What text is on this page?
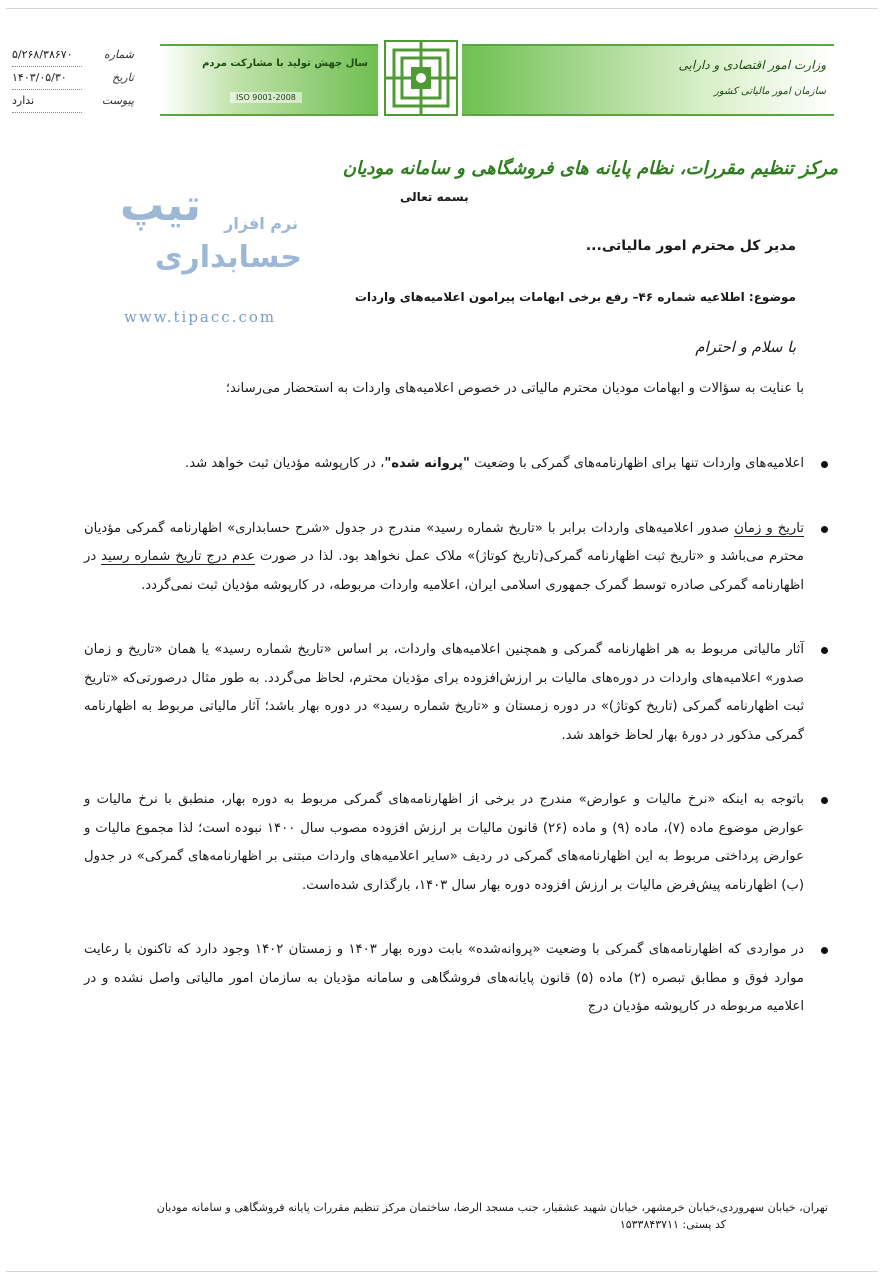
شماره
۵/۲۶۸/۳۸۶۷۰
تاریخ
۱۴۰۳/۰۵/۳۰
پیوست
ندارد
سال جهش تولید با مشارکت مردم
ISO 9001-2008
وزارت امور اقتصادی و دارایی
سازمان امور مالیاتی کشور
مرکز تنظیم مقررات، نظام پایانه های فروشگاهی و سامانه مودیان
بسمه تعالی
تیپ نرم افزار
حسابداری
www.tipacc.com
مدیر کل محترم امور مالیاتی...
موضوع: اطلاعیه شماره ۴۶– رفع برخی ابهامات پیرامون اعلامیه‌های واردات
با سلام و احترام

با عنایت به سؤالات و ابهامات مودیان محترم مالیاتی در خصوص اعلامیه‌های واردات به استحضار می‌رساند؛

اعلامیه‌های واردات تنها برای اظهارنامه‌های گمرکی با وضعیت "پروانه شده"، در کارپوشه مؤدیان ثبت خواهد شد.
تاریخ و زمان صدور اعلامیه‌های واردات برابر با «تاریخ شماره رسید» مندرج در جدول «شرح حسابداری» اظهارنامه گمرکی مؤدیان محترم می‌باشد و «تاریخ ثبت اظهارنامه گمرکی(تاریخ کوتاژ)» ملاک عمل نخواهد بود. لذا در صورت عدم درج تاریخ شماره رسید در اظهارنامه گمرکی صادره توسط گمرک جمهوری اسلامی ایران، اعلامیه واردات مربوطه، در کارپوشه مؤدیان ثبت نمی‌گردد.
آثار مالیاتی مربوط به هر اظهارنامه گمرکی و همچنین اعلامیه‌های واردات، بر اساس «تاریخ شماره رسید» یا همان «تاریخ و زمان صدور» اعلامیه‌های واردات در دوره‌های مالیات بر ارزش‌افزوده برای مؤدیان محترم، لحاظ می‌گردد. به طور مثال درصورتی‌که «تاریخ ثبت اظهارنامه گمرکی (تاریخ کوتاژ)» در دوره زمستان و «تاریخ شماره رسید» در دوره بهار باشد؛ آثار مالیاتی مربوط به اظهارنامه گمرکی مذکور در دورهٔ بهار لحاظ خواهد شد.
باتوجه به اینکه «نرخ مالیات و عوارض» مندرج در برخی از اظهارنامه‌های گمرکی مربوط به دوره بهار، منطبق با نرخ مالیات و عوارض موضوع ماده (۷)، ماده (۹) و ماده (۲۶) قانون مالیات بر ارزش افزوده مصوب سال ۱۴۰۰ نبوده است؛ لذا مجموع مالیات و عوارض پرداختی مربوط به این اظهارنامه‌های گمرکی در ردیف «سایر اعلامیه‌های واردات مبتنی بر اظهارنامه‌های گمرکی» در جدول (ب) اظهارنامه پیش‌فرض مالیات بر ارزش افزوده دوره بهار سال ۱۴۰۳، بارگذاری شده‌است.
در مواردی که اظهارنامه‌های گمرکی با وضعیت «پروانه‌شده» بابت دوره بهار ۱۴۰۳ و زمستان ۱۴۰۲ وجود دارد که تاکنون با رعایت موارد فوق و مطابق تبصره (۲) ماده (۵) قانون پایانه‌های فروشگاهی و سامانه مؤدیان به سازمان امور مالیاتی واصل نشده و در اعلامیه مربوطه در کارپوشه مؤدیان درج
تهران، خیابان سهروردی،خیابان خرمشهر، خیابان شهید عشقیار، جنب مسجد الرضا، ساختمان مرکز تنظیم مقررات پایانه فروشگاهی و سامانه مودیان
کد پستی: ۱۵۳۳۸۴۳۷۱۱
